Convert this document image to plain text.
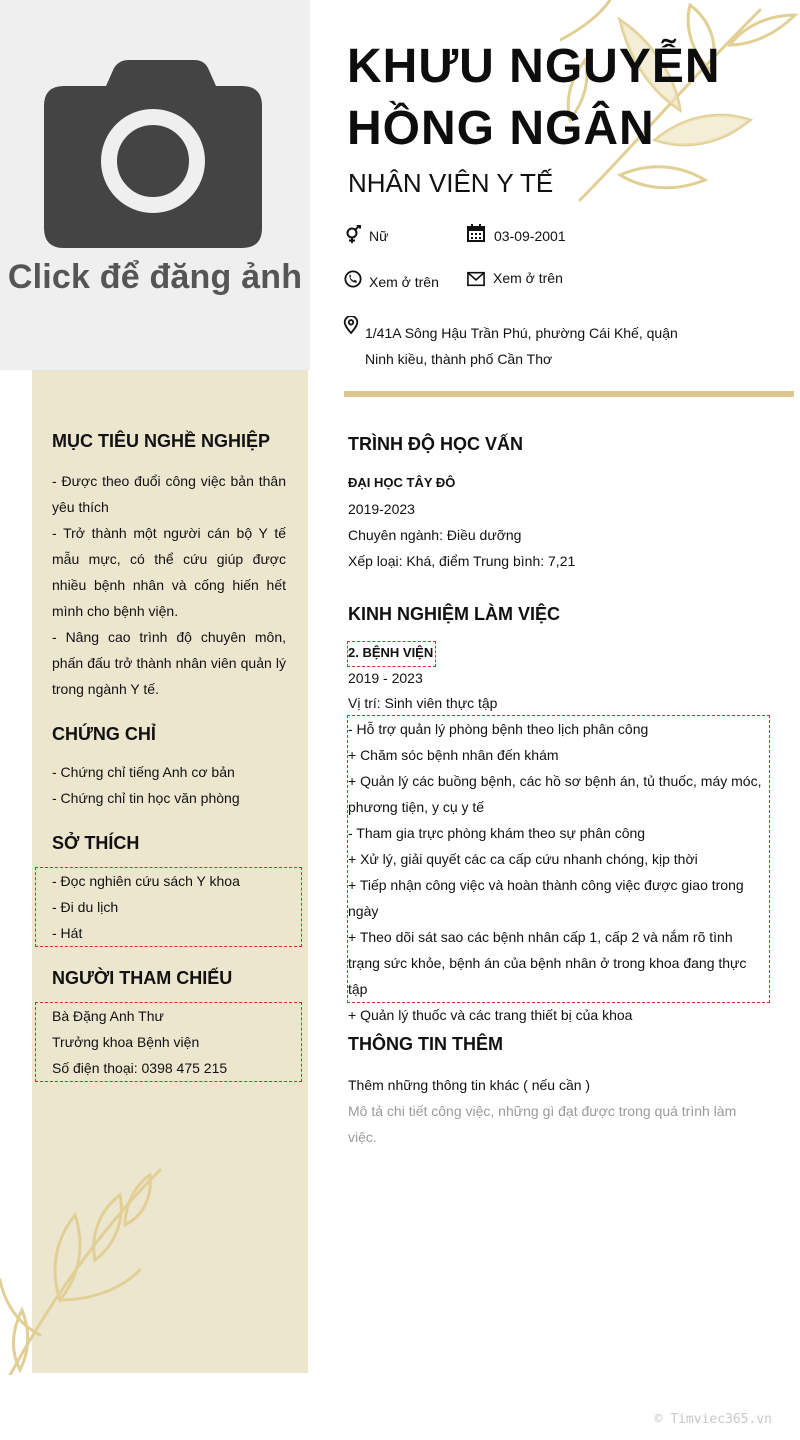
Click để đăng ảnh
MỤC TIÊU NGHỀ NGHIỆP
- Được theo đuổi công việc bản thân yêu thích
- Trở thành một người cán bộ Y tế mẫu mực, có thể cứu giúp được nhiều bệnh nhân và cống hiến hết mình cho bệnh viện.
- Nâng cao trình độ chuyên môn, phấn đấu trở thành nhân viên quản lý trong ngành Y tế.
CHỨNG CHỈ
- Chứng chỉ tiếng Anh cơ bản
- Chứng chỉ tin học văn phòng
SỞ THÍCH
- Đọc nghiên cứu sách Y khoa
- Đi du lịch
- Hát
NGƯỜI THAM CHIẾU
Bà Đặng Anh Thư
Trưởng khoa Bệnh viện
Số điện thoại: 0398 475 215
KHƯU NGUYỄN
HỒNG NGÂN
NHÂN VIÊN Y TẾ
Nữ	03-09-2001
Xem ở trên	Xem ở trên
1/41A Sông Hậu Trần Phú, phường Cái Khế, quận
Ninh kiều, thành phố Cần Thơ
TRÌNH ĐỘ HỌC VẤN
ĐẠI HỌC TÂY ĐÔ
2019-2023
Chuyên ngành: Điều dưỡng
Xếp loại: Khá, điểm Trung bình: 7,21
KINH NGHIỆM LÀM VIỆC
2. BỆNH VIỆN
2019 - 2023
Vị trí: Sinh viên thực tập
- Hỗ trợ quản lý phòng bệnh theo lịch phân công
+ Chăm sóc bệnh nhân đến khám
+ Quản lý các buồng bệnh, các hồ sơ bệnh án, tủ thuốc, máy móc, phương tiện, y cụ y tế
- Tham gia trực phòng khám theo sự phân công
+ Xử lý, giải quyết các ca cấp cứu nhanh chóng, kịp thời
+ Tiếp nhận công việc và hoàn thành công việc được giao trong ngày
+ Theo dõi sát sao các bệnh nhân cấp 1, cấp 2 và nắm rõ tình trạng sức khỏe, bệnh án của bệnh nhân ở trong khoa đang thực tập
+ Quản lý thuốc và các trang thiết bị của khoa
THÔNG TIN THÊM
Thêm những thông tin khác ( nếu cần )
Mô tả chi tiết công việc, những gì đạt được trong quá trình làm việc.
© Timviec365.vn
